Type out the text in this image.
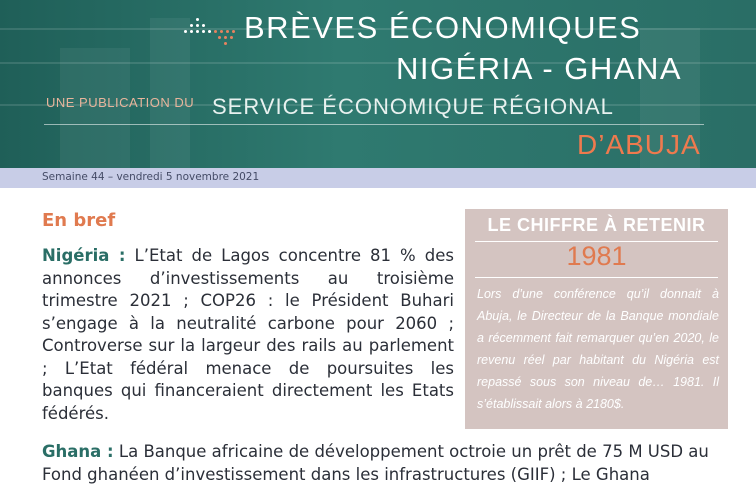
BRÈVES ÉCONOMIQUES
NIGÉRIA - GHANA
UNE PUBLICATION DU SERVICE ÉCONOMIQUE RÉGIONAL
D’ABUJA
Semaine 44 – vendredi 5 novembre 2021
En bref
Nigéria : L’Etat de Lagos concentre 81 % des annonces d’investissements au troisième trimestre 2021 ; COP26 : le Président Buhari s’engage à la neutralité carbone pour 2060 ; Controverse sur la largeur des rails au parlement ; L’Etat fédéral menace de poursuites les banques qui financeraient directement les Etats fédérés.
Ghana : La Banque africaine de développement octroie un prêt de 75 M USD au Fond ghanéen d’investissement dans les infrastructures (GIIF) ; Le Ghana
LE CHIFFRE À RETENIR
1981
Lors d’une conférence qu’il donnait à Abuja, le Directeur de la Banque mondiale a récemment fait remarquer qu’en 2020, le revenu réel par habitant du Nigéria est repassé sous son niveau de… 1981. Il s’établissait alors à 2180$.
